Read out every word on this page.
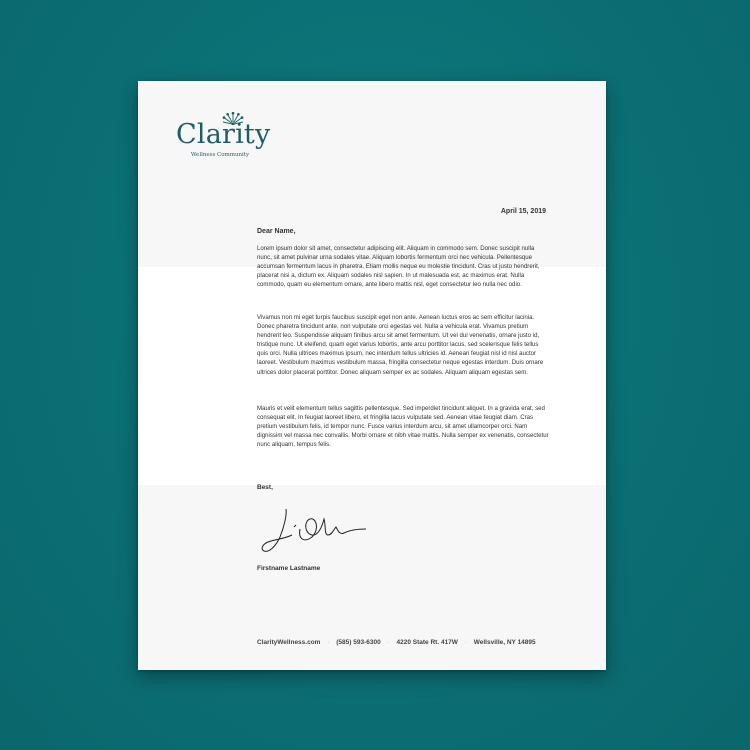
Clarity
Wellness Community
April 15, 2019
Dear Name,

Lorem ipsum dolor sit amet, consectetur adipiscing elit. Aliquam in commodo sem. Donec suscipit nulla nunc, sit amet pulvinar urna sodales vitae. Aliquam lobortis fermentum orci nec vehicula. Pellentesque accumsan fermentum lacus in pharetra. Etiam mollis neque eu molestie tincidunt. Cras ut justo hendrerit, placerat nisi a, dictum ex. Aliquam sodales nisl sapien. In ut malesuada est, ac maximus erat. Nulla commodo, quam eu elementum ornare, ante libero mattis nisl, eget consectetur leo nulla nec odio.

Vivamus non mi eget turpis faucibus suscipit eget non ante. Aenean luctus eros ac sem efficitur lacinia. Donec pharetra tincidunt ante, non vulputate orci egestas vel. Nulla a vehicula erat. Vivamus pretium hendrerit leo. Suspendisse aliquam finibus arcu sit amet fermentum. Ut vel dui venenatis, ornare justo id, tristique nunc. Ut eleifend, quam eget varius lobortis, ante arcu porttitor lacus, sed scelerisque felis tellus quis orci. Nulla ultrices maximus ipsum, nec interdum tellus ultricies id. Aenean feugiat nisl id nisl auctor laoreet. Vestibulum maximus vestibulum massa, fringilla consectetur neque egestas interdum. Duis ornare ultrices dolor placerat porttitor. Donec aliquam semper ex ac sodales. Aliquam aliquam egestas sem.

Mauris et velit elementum tellus sagittis pellentesque. Sed imperdiet tincidunt aliquet. In a gravida erat, sed consequat elit. In feugiat laoreet libero, et fringilla lacus vulputate sed. Aenean vitae feugiat diam. Cras pretium vestibulum felis, id tempor nunc. Fusce varius interdum arcu, sit amet ullamcorper orci. Nam dignissim vel massa nec convallis. Morbi ornare et nibh vitae mattis. Nulla semper ex venenatis, consectetur nunc aliquam, tempus felis.

Best,
Firstname Lastname
ClarityWellness.com · (585) 593-6300 · 4220 State Rt. 417W · Wellsville, NY 14895
